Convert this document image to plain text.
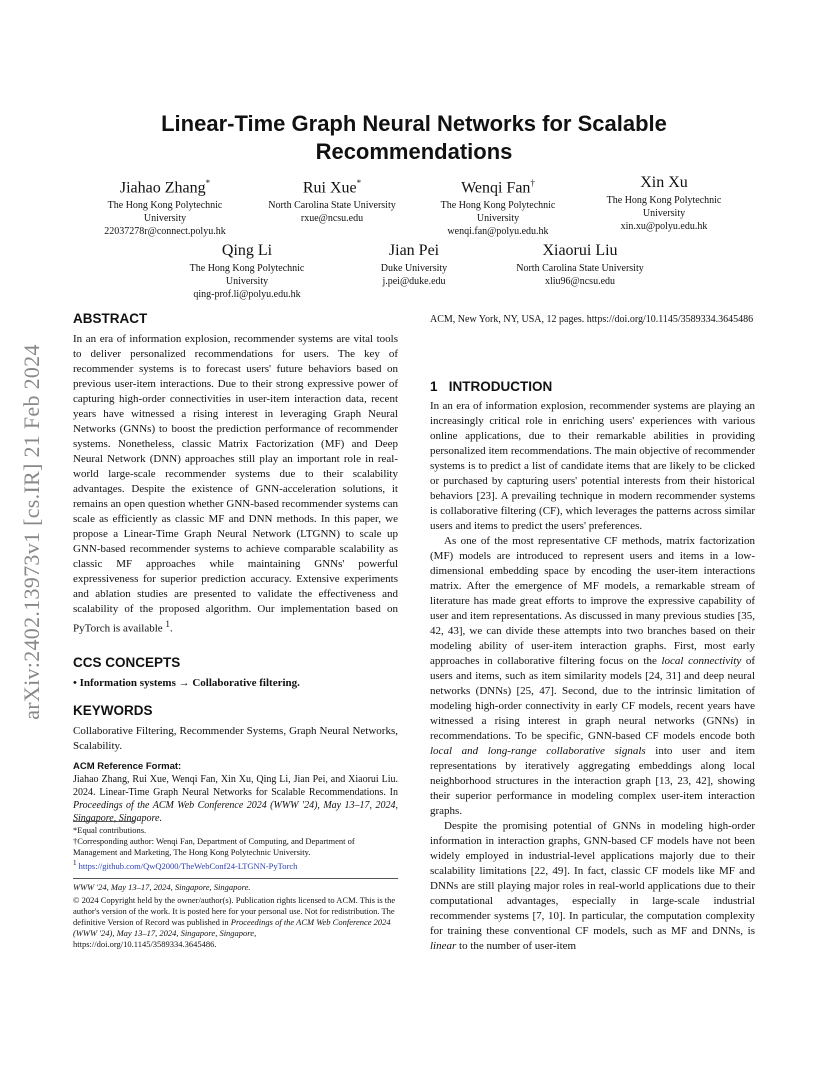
arXiv:2402.13973v1 [cs.IR] 21 Feb 2024
Linear-Time Graph Neural Networks for Scalable Recommendations
Jiahao Zhang*
The Hong Kong Polytechnic
University
22037278r@connect.polyu.hk
Rui Xue*
North Carolina State University
rxue@ncsu.edu
Wenqi Fan†
The Hong Kong Polytechnic
University
wenqi.fan@polyu.edu.hk
Xin Xu
The Hong Kong Polytechnic
University
xin.xu@polyu.edu.hk
Qing Li
The Hong Kong Polytechnic
University
qing-prof.li@polyu.edu.hk
Jian Pei
Duke University
j.pei@duke.edu
Xiaorui Liu
North Carolina State University
xliu96@ncsu.edu
ABSTRACT

In an era of information explosion, recommender systems are vital tools to deliver personalized recommendations for users. The key of recommender systems is to forecast users' future behaviors based on previous user-item interactions. Due to their strong expressive power of capturing high-order connectivities in user-item interaction data, recent years have witnessed a rising interest in leveraging Graph Neural Networks (GNNs) to boost the prediction performance of recommender systems. Nonetheless, classic Matrix Factorization (MF) and Deep Neural Network (DNN) approaches still play an important role in real-world large-scale recommender systems due to their scalability advantages. Despite the existence of GNN-acceleration solutions, it remains an open question whether GNN-based recommender systems can scale as efficiently as classic MF and DNN methods. In this paper, we propose a Linear-Time Graph Neural Network (LTGNN) to scale up GNN-based recommender systems to achieve comparable scalability as classic MF approaches while maintaining GNNs' powerful expressiveness for superior prediction accuracy. Extensive experiments and ablation studies are presented to validate the effectiveness and scalability of the proposed algorithm. Our implementation based on PyTorch is available $^1$.

CCS CONCEPTS

• Information systems → Collaborative filtering.

KEYWORDS

Collaborative Filtering, Recommender Systems, Graph Neural Networks, Scalability.

ACM Reference Format:

Jiahao Zhang, Rui Xue, Wenqi Fan, Xin Xu, Qing Li, Jian Pei, and Xiaorui Liu. 2024. Linear-Time Graph Neural Networks for Scalable Recommendations. In Proceedings of the ACM Web Conference 2024 (WWW '24), May 13–17, 2024, Singapore, Singapore.

*Equal contributions.

†Corresponding author: Wenqi Fan, Department of Computing, and Department of Management and Marketing, The Hong Kong Polytechnic University.

$^1$ https://github.com/QwQ2000/TheWebConf24-LTGNN-PyTorch

WWW '24, May 13–17, 2024, Singapore, Singapore.

© 2024 Copyright held by the owner/author(s). Publication rights licensed to ACM. This is the author's version of the work. It is posted here for your personal use. Not for redistribution. The definitive Version of Record was published in Proceedings of the ACM Web Conference 2024 (WWW '24), May 13–17, 2024, Singapore, Singapore, https://doi.org/10.1145/3589334.3645486.

ACM, New York, NY, USA, 12 pages. https://doi.org/10.1145/3589334.3645486

1   INTRODUCTION

In an era of information explosion, recommender systems are playing an increasingly critical role in enriching users' experiences with various online applications, due to their remarkable abilities in providing personalized item recommendations. The main objective of recommender systems is to predict a list of candidate items that are likely to be clicked or purchased by capturing users' potential interests from their historical behaviors [23]. A prevailing technique in modern recommender systems is collaborative filtering (CF), which leverages the patterns across similar users and items to predict the users' preferences.

As one of the most representative CF methods, matrix factorization (MF) models are introduced to represent users and items in a low-dimensional embedding space by encoding the user-item interactions matrix. After the emergence of MF models, a remarkable stream of literature has made great efforts to improve the expressive capability of user and item representations. As discussed in many previous studies [35, 42, 43], we can divide these attempts into two branches based on their modeling ability of user-item interaction graphs. First, most early approaches in collaborative filtering focus on the local connectivity of users and items, such as item similarity models [24, 31] and deep neural networks (DNNs) [25, 47]. Second, due to the intrinsic limitation of modeling high-order connectivity in early CF models, recent years have witnessed a rising interest in graph neural networks (GNNs) in recommendations. To be specific, GNN-based CF models encode both local and long-range collaborative signals into user and item representations by iteratively aggregating embeddings along local neighborhood structures in the interaction graph [13, 23, 42], showing their superior performance in modeling complex user-item interaction graphs.

Despite the promising potential of GNNs in modeling high-order information in interaction graphs, GNN-based CF models have not been widely employed in industrial-level applications majorly due to their scalability limitations [22, 49]. In fact, classic CF models like MF and DNNs are still playing major roles in real-world applications due to their computational advantages, especially in large-scale industrial recommender systems [7, 10]. In particular, the computation complexity for training these conventional CF models, such as MF and DNNs, is linear to the number of user-item
